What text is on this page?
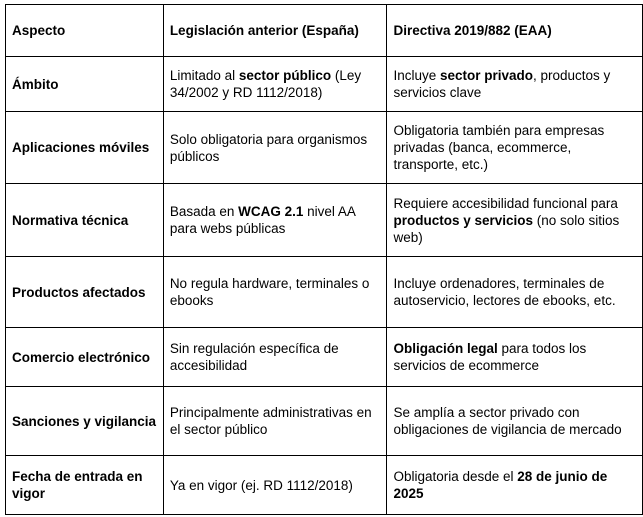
Aspecto	Legislación anterior (España)	Directiva 2019/882 (EAA)
Ámbito	Limitado al sector público (Ley 34/2002 y RD 1112/2018)	Incluye sector privado, productos y servicios clave
Aplicaciones móviles	Solo obligatoria para organismos públicos	Obligatoria también para empresas privadas (banca, ecommerce, transporte, etc.)
Normativa técnica	Basada en WCAG 2.1 nivel AA para webs públicas	Requiere accesibilidad funcional para productos y servicios (no solo sitios web)
Productos afectados	No regula hardware, terminales o ebooks	Incluye ordenadores, terminales de autoservicio, lectores de ebooks, etc.
Comercio electrónico	Sin regulación específica de accesibilidad	Obligación legal para todos los servicios de ecommerce
Sanciones y vigilancia	Principalmente administrativas en el sector público	Se amplía a sector privado con obligaciones de vigilancia de mercado
Fecha de entrada en vigor	Ya en vigor (ej. RD 1112/2018)	Obligatoria desde el 28 de junio de 2025
